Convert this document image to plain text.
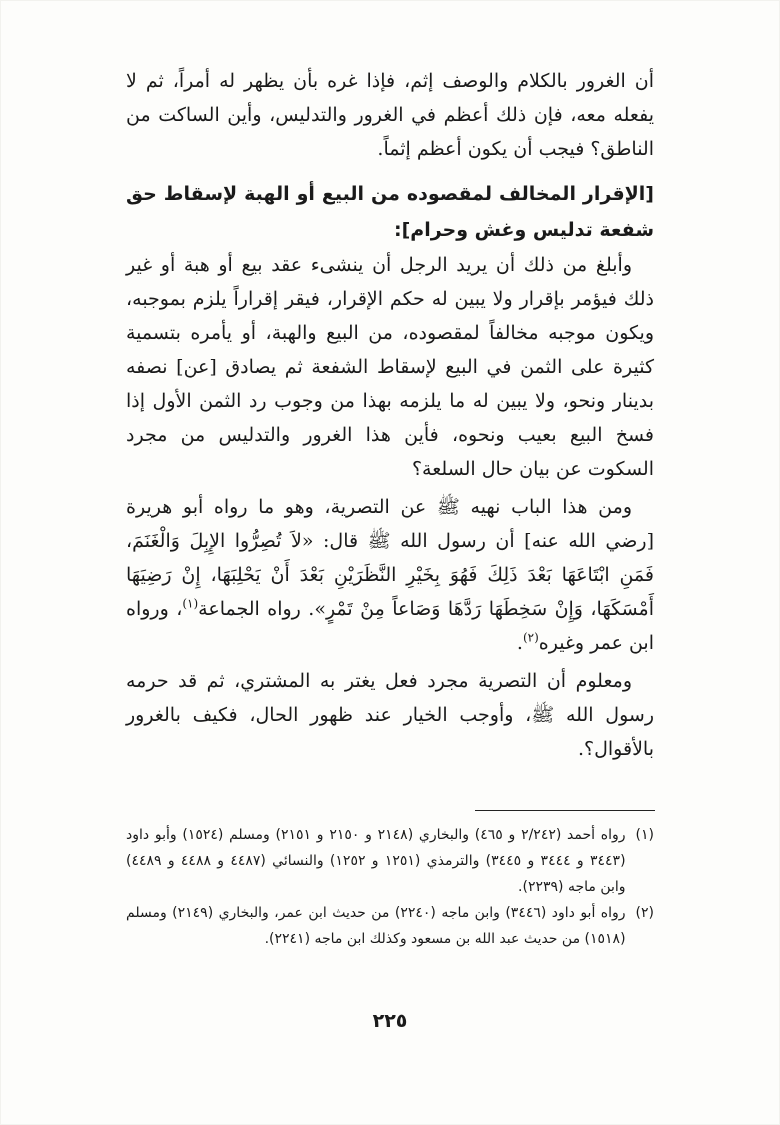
أن الغرور بالكلام والوصف إثم، فإذا غره بأن يظهر له أمراً، ثم لا يفعله معه، فإن ذلك أعظم في الغرور والتدليس، وأين الساكت من الناطق؟ فيجب أن يكون أعظم إثماً.

[الإقرار المخالف لمقصوده من البيع أو الهبة لإسقاط حق شفعة تدليس وغش وحرام]:

وأبلغ من ذلك أن يريد الرجل أن ينشىء عقد بيع أو هبة أو غير ذلك فيؤمر بإقرار ولا يبين له حكم الإقرار، فيقر إقراراً يلزم بموجبه، ويكون موجبه مخالفاً لمقصوده، من البيع والهبة، أو يأمره بتسمية كثيرة على الثمن في البيع لإسقاط الشفعة ثم يصادق [عن] نصفه بدينار ونحو، ولا يبين له ما يلزمه بهذا من وجوب رد الثمن الأول إذا فسخ البيع بعيب ونحوه، فأين هذا الغرور والتدليس من مجرد السكوت عن بيان حال السلعة؟

ومن هذا الباب نهيه ﷺ عن التصرية، وهو ما رواه أبو هريرة [رضي الله عنه] أن رسول الله ﷺ قال: «لاَ تُصِرُّوا الإِبِلَ وَالْغَنَمَ، فَمَنِ ابْتَاعَهَا بَعْدَ ذَلِكَ فَهُوَ بِخَيْرِ النَّظَرَيْنِ بَعْدَ أَنْ يَحْلِبَهَا، إِنْ رَضِيَهَا أَمْسَكَهَا، وَإِنْ سَخِطَهَا رَدَّهَا وَصَاعاً مِنْ تَمْرٍ». رواه الجماعة$^{(١)}$، ورواه ابن عمر وغيره$^{(٢)}$.

ومعلوم أن التصرية مجرد فعل يغتر به المشتري، ثم قد حرمه رسول الله ﷺ، وأوجب الخيار عند ظهور الحال، فكيف بالغرور بالأقوال؟.

(١)
رواه أحمد (٢/٢٤٢ و ٤٦٥) والبخاري (٢١٤٨ و ٢١٥٠ و ٢١٥١) ومسلم (١٥٢٤) وأبو داود (٣٤٤٣ و ٣٤٤٤ و ٣٤٤٥) والترمذي (١٢٥١ و ١٢٥٢) والنسائي (٤٤٨٧ و ٤٤٨٨ و ٤٤٨٩) وابن ماجه (٢٢٣٩).

(٢)
رواه أبو داود (٣٤٤٦) وابن ماجه (٢٢٤٠) من حديث ابن عمر، والبخاري (٢١٤٩) ومسلم (١٥١٨) من حديث عبد الله بن مسعود وكذلك ابن ماجه (٢٢٤١).

٢٢٥
